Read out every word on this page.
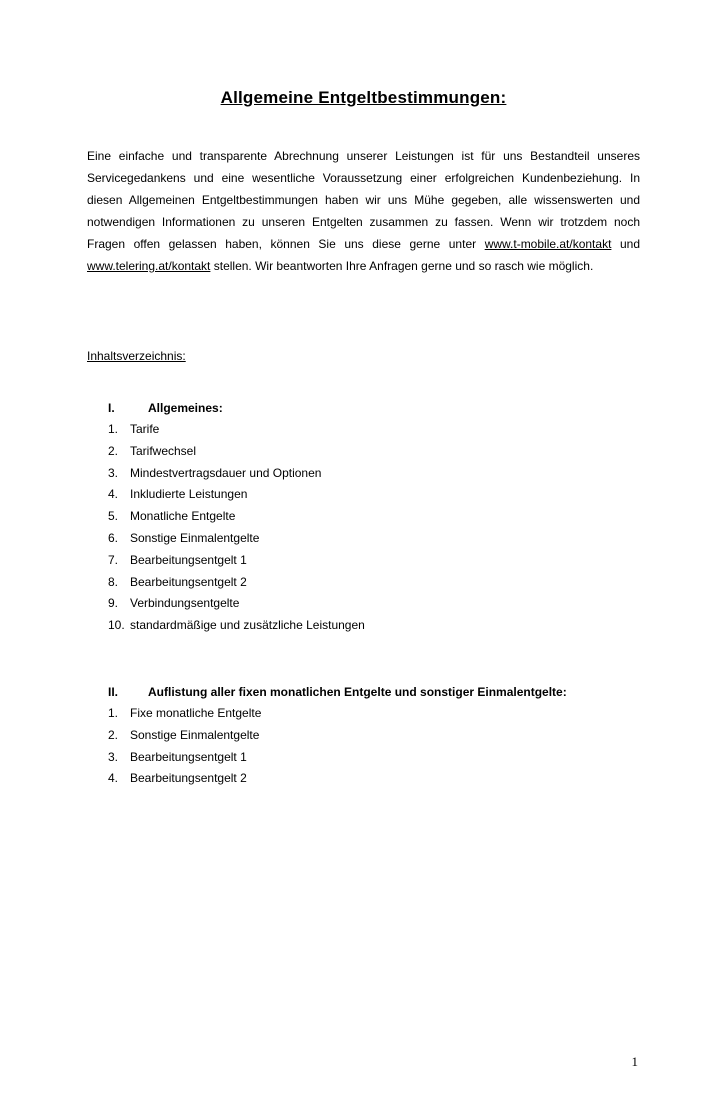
Allgemeine Entgeltbestimmungen:

Eine einfache und transparente Abrechnung unserer Leistungen ist für uns Bestandteil unseres Servicegedankens und eine wesentliche Voraussetzung einer erfolgreichen Kundenbeziehung. In diesen Allgemeinen Entgeltbestimmungen haben wir uns Mühe gegeben, alle wissenswerten und notwendigen Informationen zu unseren Entgelten zusammen zu fassen. Wenn wir trotzdem noch Fragen offen gelassen haben, können Sie uns diese gerne unter www.t-mobile.at/kontakt und www.telering.at/kontakt stellen. Wir beantworten Ihre Anfragen gerne und so rasch wie möglich.

Inhaltsverzeichnis:
I.	Allgemeines:
1. Tarife
2. Tarifwechsel
3. Mindestvertragsdauer und Optionen
4. Inkludierte Leistungen
5. Monatliche Entgelte
6. Sonstige Einmalentgelte
7. Bearbeitungsentgelt 1
8. Bearbeitungsentgelt 2
9. Verbindungsentgelte
10. standardmäßige und zusätzliche Leistungen
II.	Auflistung aller fixen monatlichen Entgelte und sonstiger Einmalentgelte:
1. Fixe monatliche Entgelte
2. Sonstige Einmalentgelte
3. Bearbeitungsentgelt 1
4. Bearbeitungsentgelt 2
1
